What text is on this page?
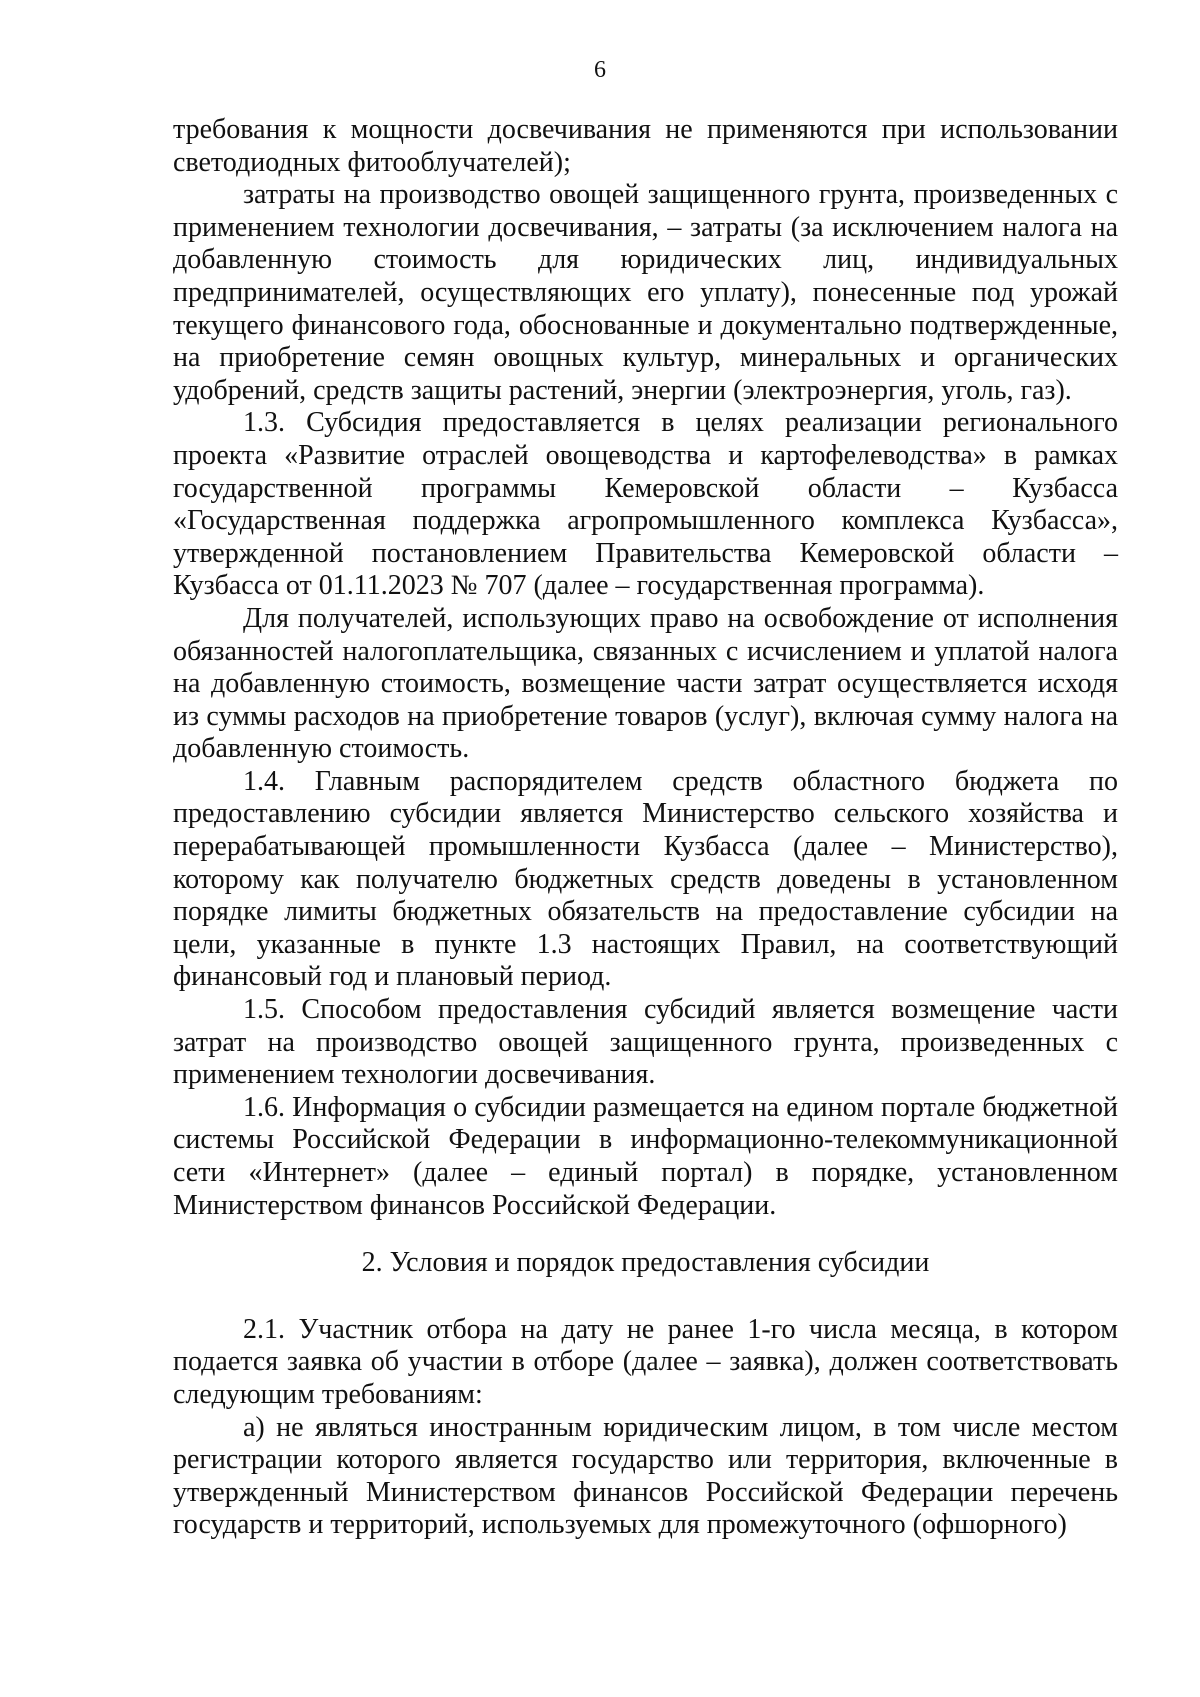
6

требования к мощности досвечивания не применяются при использовании светодиодных фитооблучателей);

затраты на производство овощей защищенного грунта, произведенных с применением технологии досвечивания, – затраты (за исключением налога на добавленную стоимость для юридических лиц, индивидуальных предпринимателей, осуществляющих его уплату), понесенные под урожай текущего финансового года, обоснованные и документально подтвержденные, на приобретение семян овощных культур, минеральных и органических удобрений, средств защиты растений, энергии (электроэнергия, уголь, газ).

1.3. Субсидия предоставляется в целях реализации регионального проекта «Развитие отраслей овощеводства и картофелеводства» в рамках государственной программы Кемеровской области – Кузбасса «Государственная поддержка агропромышленного комплекса Кузбасса», утвержденной постановлением Правительства Кемеровской области – Кузбасса от 01.11.2023 № 707 (далее – государственная программа).

Для получателей, использующих право на освобождение от исполнения обязанностей налогоплательщика, связанных с исчислением и уплатой налога на добавленную стоимость, возмещение части затрат осуществляется исходя из суммы расходов на приобретение товаров (услуг), включая сумму налога на добавленную стоимость.

1.4. Главным распорядителем средств областного бюджета по предоставлению субсидии является Министерство сельского хозяйства и перерабатывающей промышленности Кузбасса (далее – Министерство), которому как получателю бюджетных средств доведены в установленном порядке лимиты бюджетных обязательств на предоставление субсидии на цели, указанные в пункте 1.3 настоящих Правил, на соответствующий финансовый год и плановый период.

1.5. Способом предоставления субсидий является возмещение части затрат на производство овощей защищенного грунта, произведенных с применением технологии досвечивания.

1.6. Информация о субсидии размещается на едином портале бюджетной системы Российской Федерации в информационно-телекоммуникационной сети «Интернет» (далее – единый портал) в порядке, установленном Министерством финансов Российской Федерации.

2. Условия и порядок предоставления субсидии

2.1. Участник отбора на дату не ранее 1-го числа месяца, в котором подается заявка об участии в отборе (далее – заявка), должен соответствовать следующим требованиям:

а) не являться иностранным юридическим лицом, в том числе местом регистрации которого является государство или территория, включенные в утвержденный Министерством финансов Российской Федерации перечень государств и территорий, используемых для промежуточного (офшорного)
